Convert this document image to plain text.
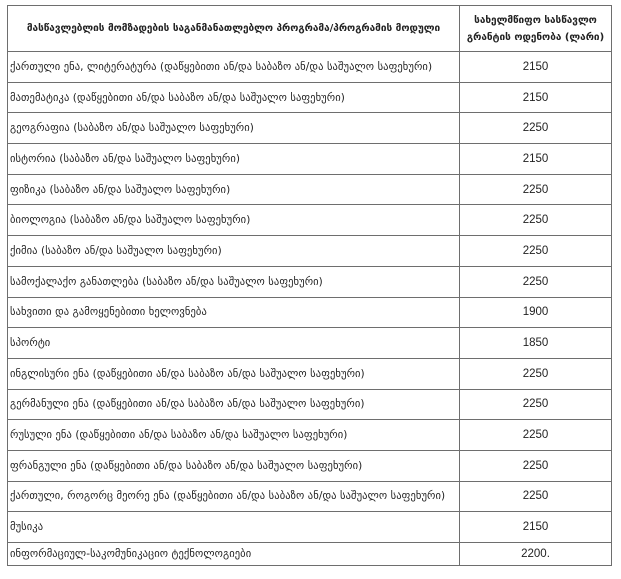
მასწავლებლის მომზადების საგანმანათლებლო პროგრამა/პროგრამის მოდული	სახელმწიფო სასწავლო
გრანტის ოდენობა (ლარი)
ქართული ენა, ლიტერატურა (დაწყებითი ან/და საბაზო ან/და საშუალო საფეხური)	2150
მათემატიკა (დაწყებითი ან/და საბაზო ან/და საშუალო საფეხური)	2150
გეოგრაფია (საბაზო ან/და საშუალო საფეხური)	2250
ისტორია (საბაზო ან/და საშუალო საფეხური)	2150
ფიზიკა (საბაზო ან/და საშუალო საფეხური)	2250
ბიოლოგია (საბაზო ან/და საშუალო საფეხური)	2250
ქიმია (საბაზო ან/და საშუალო საფეხური)	2250
სამოქალაქო განათლება (საბაზო ან/და საშუალო საფეხური)	2250
სახვითი და გამოყენებითი ხელოვნება	1900
სპორტი	1850
ინგლისური ენა (დაწყებითი ან/და საბაზო ან/და საშუალო საფეხური)	2250
გერმანული ენა (დაწყებითი ან/და საბაზო ან/და საშუალო საფეხური)	2250
რუსული ენა (დაწყებითი ან/და საბაზო ან/და საშუალო საფეხური)	2250
ფრანგული ენა (დაწყებითი ან/და საბაზო ან/და საშუალო საფეხური)	2250
ქართული, როგორც მეორე ენა (დაწყებითი ან/და საბაზო ან/და საშუალო საფეხური)	2250
მუსიკა	2150
ინფორმაციულ-საკომუნიკაციო ტექნოლოგიები	2200.
